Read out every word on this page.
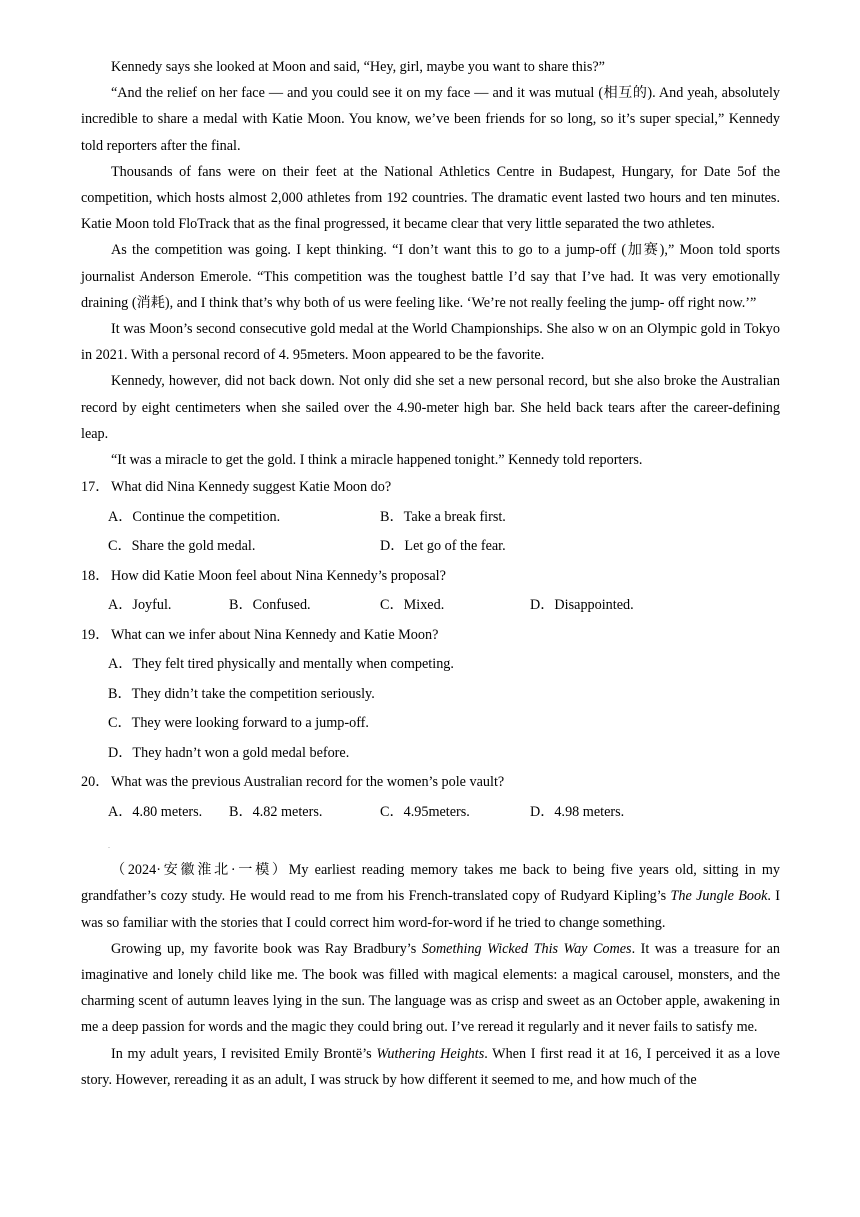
Kennedy says she looked at Moon and said, “Hey, girl, maybe you want to share this?”

“And the relief on her face — and you could see it on my face — and it was mutual (相互的). And yeah, absolutely incredible to share a medal with Katie Moon. You know, we’ve been friends for so long, so it’s super special,” Kennedy told reporters after the final.

Thousands of fans were on their feet at the National Athletics Centre in Budapest, Hungary, for Date 5of the competition, which hosts almost 2,000 athletes from 192 countries. The dramatic event lasted two hours and ten minutes. Katie Moon told FloTrack that as the final progressed, it became clear that very little separated the two athletes.

As the competition was going. I kept thinking. “I don’t want this to go to a jump-off (加赛),” Moon told sports journalist Anderson Emerole. “This competition was the toughest battle I’d say that I’ve had. It was very emotionally draining (消耗), and I think that’s why both of us were feeling like. ‘We’re not really feeling the jump- off right now.’”

It was Moon’s second consecutive gold medal at the World Championships. She also w on an Olympic gold in Tokyo in 2021. With a personal record of 4. 95meters. Moon appeared to be the favorite.

Kennedy, however, did not back down. Not only did she set a new personal record, but she also broke the Australian record by eight centimeters when she sailed over the 4.90-meter high bar. She held back tears after the career-defining leap.

“It was a miracle to get the gold. I think a miracle happened tonight.” Kennedy told reporters.

17． What did Nina Kennedy suggest Katie Moon do?
A．Continue the competition.	B．Take a break first.
C．Share the gold medal.	D．Let go of the fear.
18． How did Katie Moon feel about Nina Kennedy’s proposal?
A．Joyful.	B．Confused.	C．Mixed.	D．Disappointed.
19． What can we infer about Nina Kennedy and Katie Moon?
A．They felt tired physically and mentally when competing.
B．They didn’t take the competition seriously.
C．They were looking forward to a jump-off.
D．They hadn’t won a gold medal before.
20． What was the previous Australian record for the women’s pole vault?
A．4.80 meters. B．4.82 meters.	C．4.95meters.	D．4.98 meters.
.

（2024·安徽淮北·一模）My earliest reading memory takes me back to being five years old, sitting in my grandfather’s cozy study. He would read to me from his French-translated copy of Rudyard Kipling’s The Jungle Book. I was so familiar with the stories that I could correct him word-for-word if he tried to change something.

Growing up, my favorite book was Ray Bradbury’s Something Wicked This Way Comes. It was a treasure for an imaginative and lonely child like me. The book was filled with magical elements: a magical carousel, monsters, and the charming scent of autumn leaves lying in the sun. The language was as crisp and sweet as an October apple, awakening in me a deep passion for words and the magic they could bring out. I’ve reread it regularly and it never fails to satisfy me.

In my adult years, I revisited Emily Brontë’s Wuthering Heights. When I first read it at 16, I perceived it as a love story. However, rereading it as an adult, I was struck by how different it seemed to me, and how much of the
